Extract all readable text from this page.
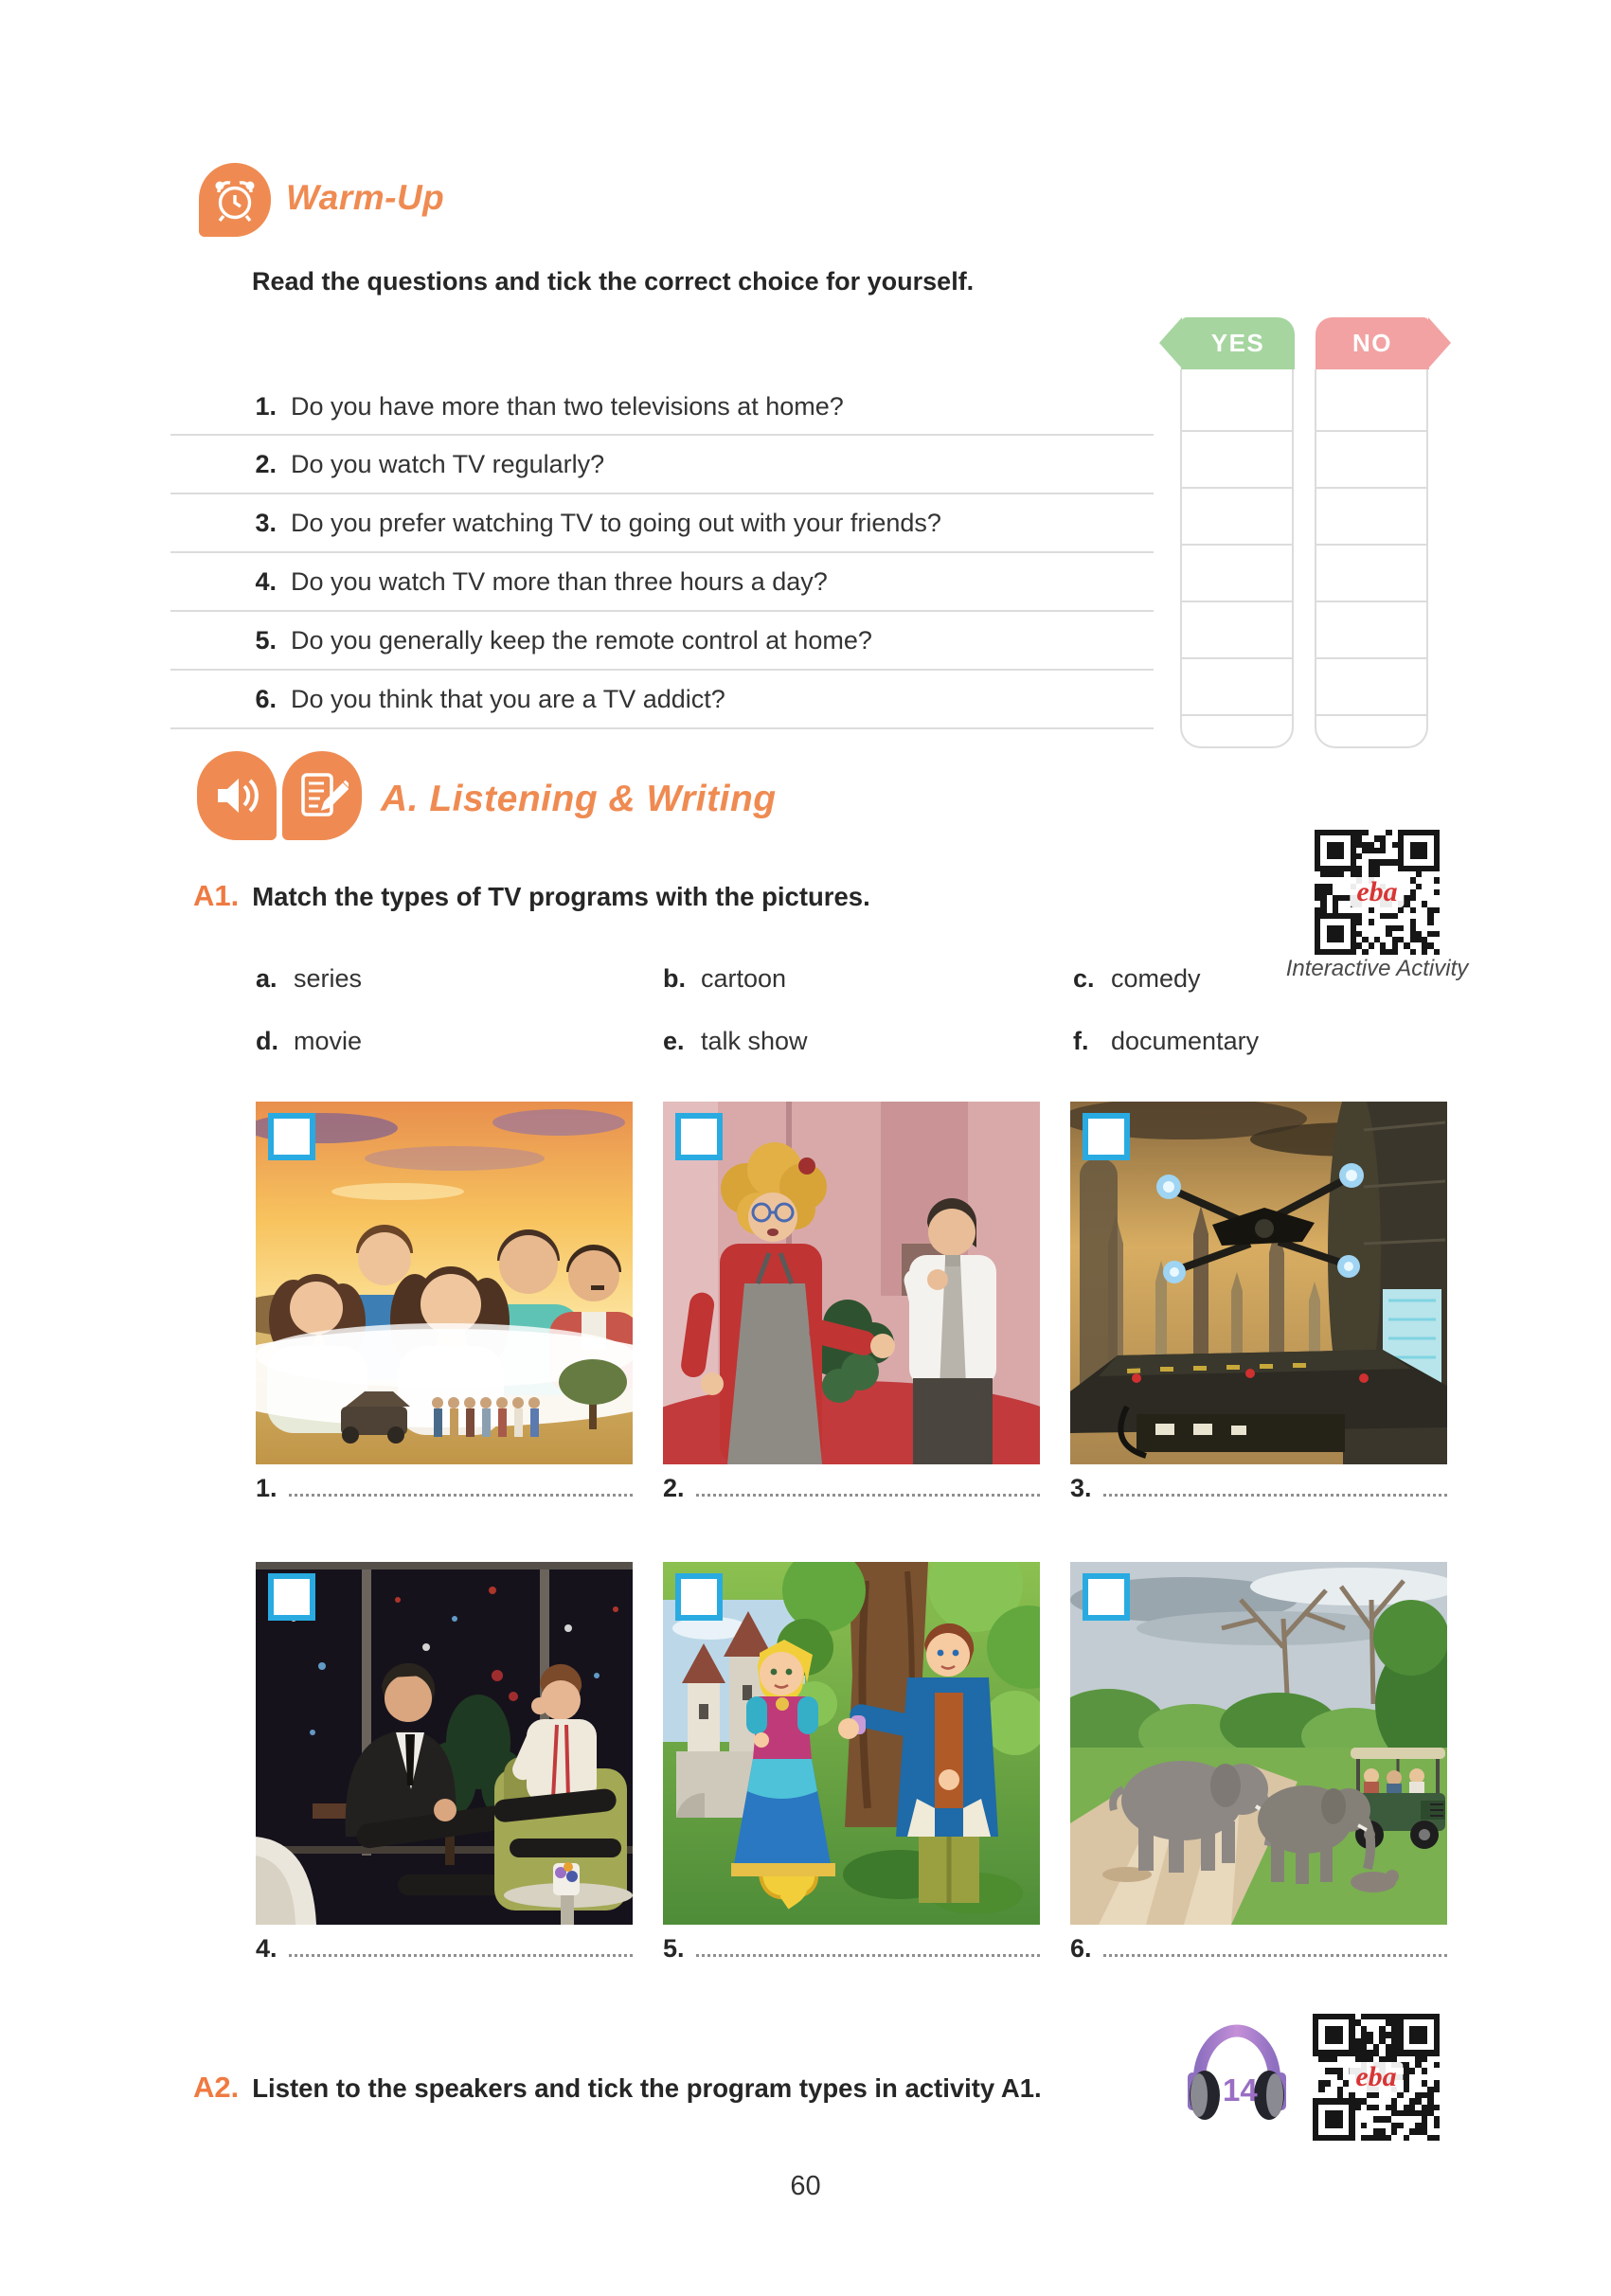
Warm-Up
Read the questions and tick the correct choice for yourself.
YES	NO
1. Do you have more than two televisions at home?
2. Do you watch TV regularly?
3. Do you prefer watching TV to going out with your friends?
4. Do you watch TV more than three hours a day?
5. Do you generally keep the remote control at home?
6. Do you think that you are a TV addict?
A. Listening & Writing
A1. Match the types of TV programs with the pictures.	eba
Interactive Activity
a. series	b. cartoon	c. comedy
d. movie	e. talk show	f. documentary
1.	2.	3.
4.	5.	6.
A2. Listen to the speakers and tick the program types in activity A1.	14	eba
60
